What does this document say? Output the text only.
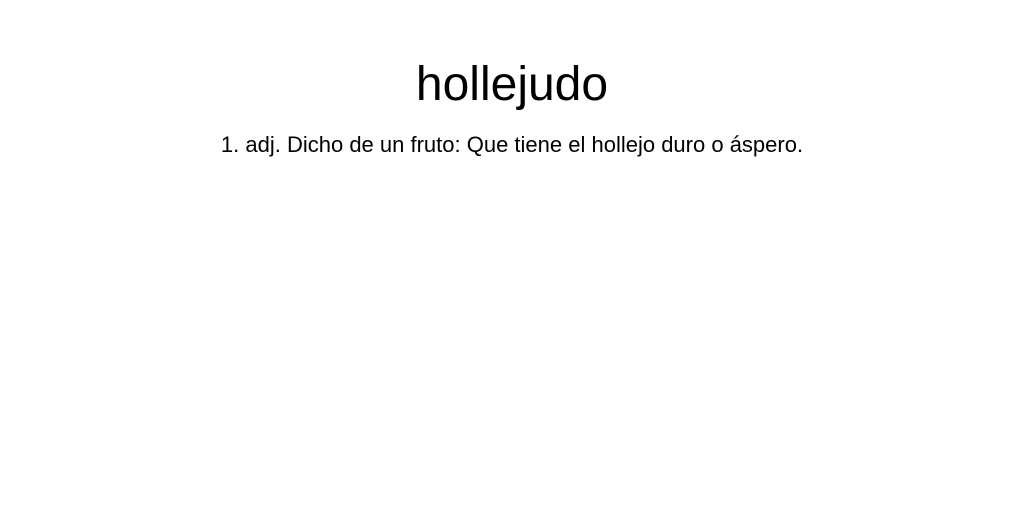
hollejudo

1. adj. Dicho de un fruto: Que tiene el hollejo duro o áspero.
